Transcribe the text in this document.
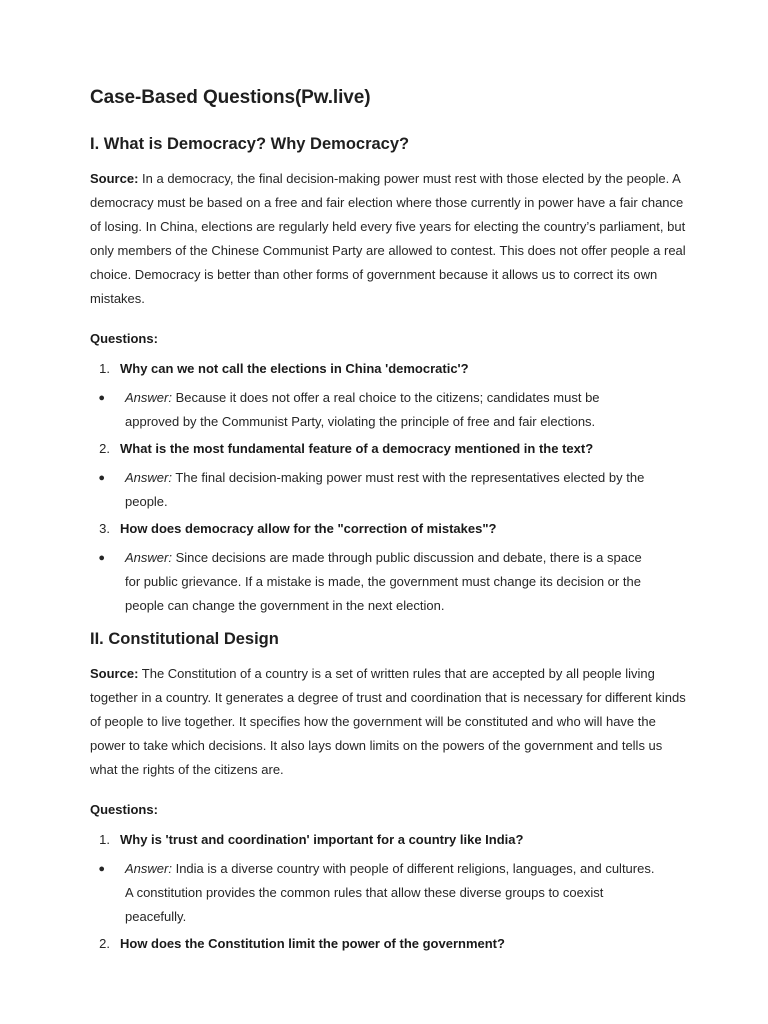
Case-Based Questions(Pw.live)
I. What is Democracy? Why Democracy?

Source: In a democracy, the final decision-making power must rest with those elected by the people. A democracy must be based on a free and fair election where those currently in power have a fair chance of losing. In China, elections are regularly held every five years for electing the country’s parliament, but only members of the Chinese Communist Party are allowed to contest. This does not offer people a real choice. Democracy is better than other forms of government because it allows us to correct its own mistakes.

Questions:
1. Why can we not call the elections in China 'democratic'?
●	Answer: Because it does not offer a real choice to the citizens; candidates must be approved by the Communist Party, violating the principle of free and fair elections.
2. What is the most fundamental feature of a democracy mentioned in the text?
●	Answer: The final decision-making power must rest with the representatives elected by the people.
3. How does democracy allow for the "correction of mistakes"?
●	Answer: Since decisions are made through public discussion and debate, there is a space for public grievance. If a mistake is made, the government must change its decision or the people can change the government in the next election.
II. Constitutional Design

Source: The Constitution of a country is a set of written rules that are accepted by all people living together in a country. It generates a degree of trust and coordination that is necessary for different kinds of people to live together. It specifies how the government will be constituted and who will have the power to take which decisions. It also lays down limits on the powers of the government and tells us what the rights of the citizens are.

Questions:
1. Why is 'trust and coordination' important for a country like India?
●	Answer: India is a diverse country with people of different religions, languages, and cultures. A constitution provides the common rules that allow these diverse groups to coexist peacefully.
2. How does the Constitution limit the power of the government?
